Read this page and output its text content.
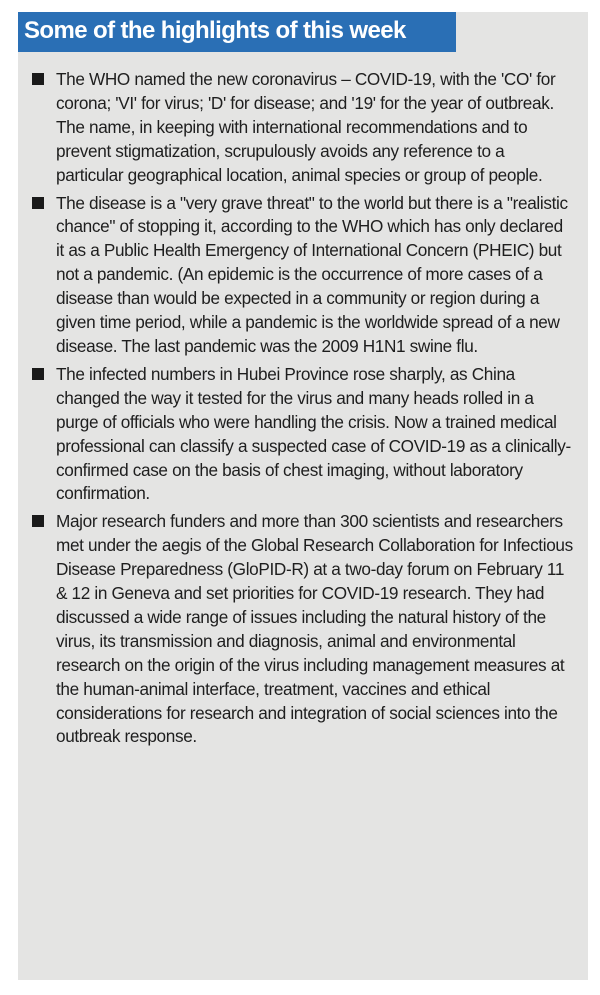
Some of the highlights of this week
The WHO named the new coronavirus – COVID-19, with the 'CO' for corona; 'VI' for virus; 'D' for disease; and '19' for the year of outbreak. The name, in keeping with international recommendations and to prevent stigmatization, scrupulously avoids any reference to a particular geographical location, animal species or group of people.
The disease is a "very grave threat" to the world but there is a "realistic chance" of stopping it, according to the WHO which has only declared it as a Public Health Emergency of International Concern (PHEIC) but not a pandemic. (An epidemic is the occurrence of more cases of a disease than would be expected in a community or region during a given time period, while a pandemic is the worldwide spread of a new disease. The last pandemic was the 2009 H1N1 swine flu.
The infected numbers in Hubei Province rose sharply, as China changed the way it tested for the virus and many heads rolled in a purge of officials who were handling the crisis. Now a trained medical professional can classify a suspected case of COVID-19 as a clinically-confirmed case on the basis of chest imaging, without laboratory confirmation.
Major research funders and more than 300 scientists and researchers met under the aegis of the Global Research Collaboration for Infectious Disease Preparedness (GloPID-R) at a two-day forum on February 11 & 12 in Geneva and set priorities for COVID-19 research. They had discussed a wide range of issues including the natural history of the virus, its transmission and diagnosis, animal and environmental research on the origin of the virus including management measures at the human-animal interface, treatment, vaccines and ethical considerations for research and integration of social sciences into the outbreak response.
